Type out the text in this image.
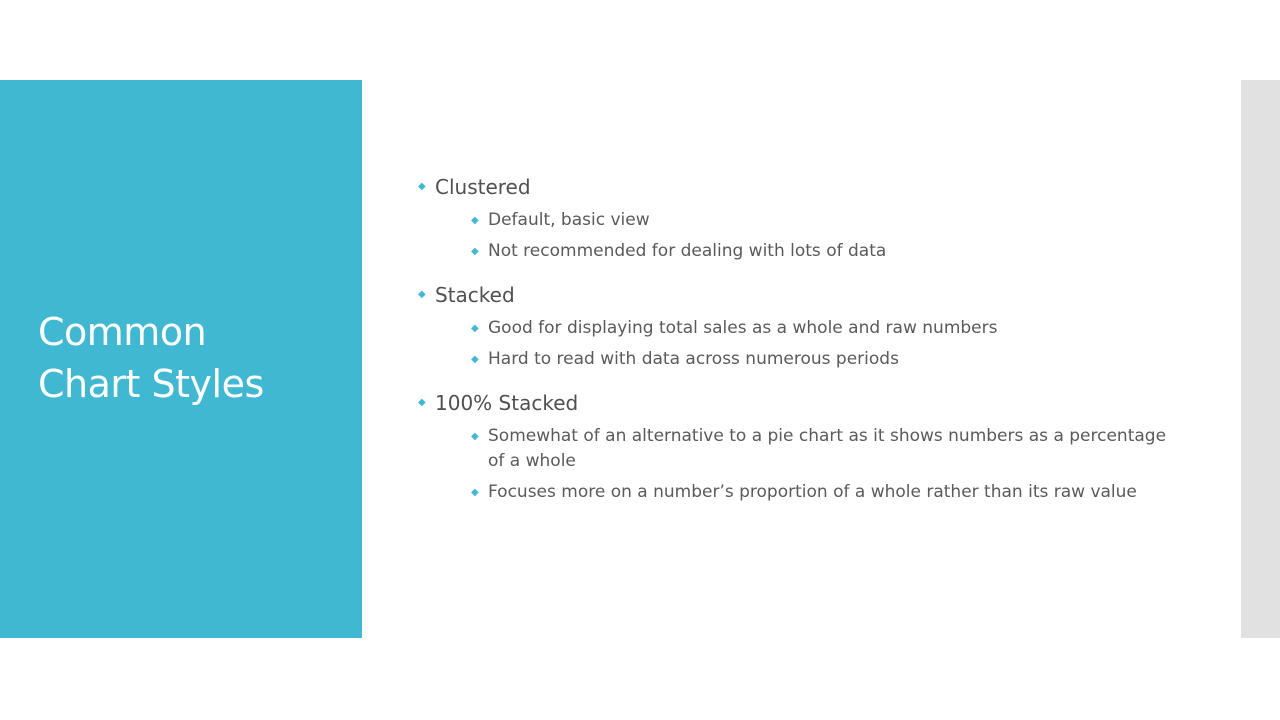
Common
Chart Styles
◆ Clustered
◆ Default, basic view
◆ Not recommended for dealing with lots of data
◆ Stacked
◆ Good for displaying total sales as a whole and raw numbers
◆ Hard to read with data across numerous periods
◆ 100% Stacked
◆ Somewhat of an alternative to a pie chart as it shows numbers as a percentage of a whole
◆ Focuses more on a number’s proportion of a whole rather than its raw value
